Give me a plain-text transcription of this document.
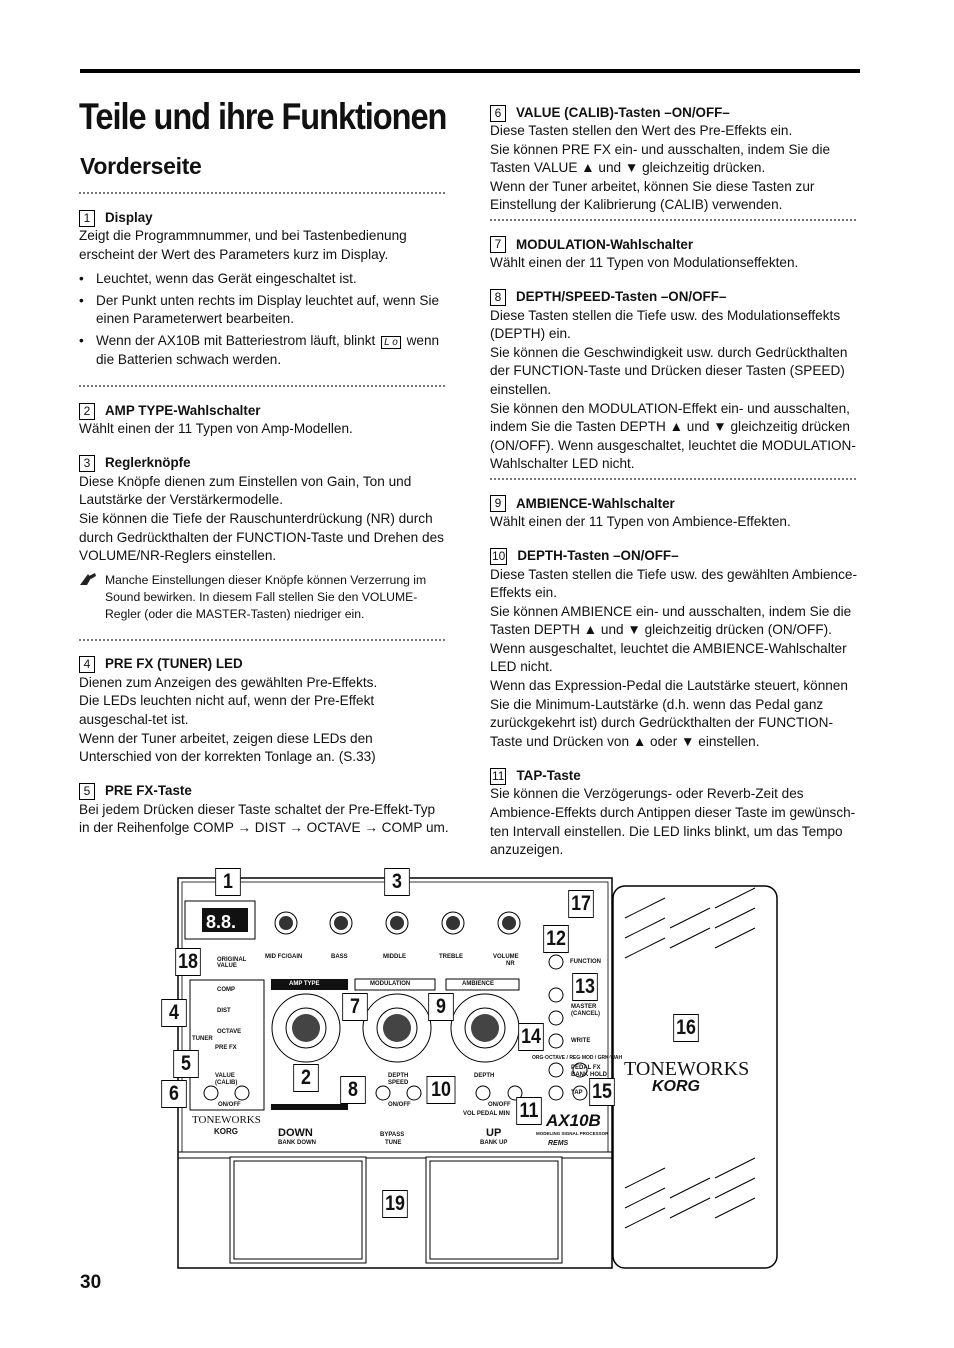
Teile und ihre Funktionen
Vorderseite
1	Display

Zeigt die Programmnummer, und bei Tastenbedienung erscheint der Wert des Parameters kurz im Display.

• Leuchtet, wenn das Gerät eingeschaltet ist.
• Der Punkt unten rechts im Display leuchtet auf, wenn Sie einen Parameterwert bearbeiten.
• Wenn der AX10B mit Batteriestrom läuft, blinkt L o wenn die Batterien schwach werden.
2	AMP TYPE-Wahlschalter

Wählt einen der 11 Typen von Amp-Modellen.

3	Reglerknöpfe

Diese Knöpfe dienen zum Einstellen von Gain, Ton und Lautstärke der Verstärkermodelle.

Sie können die Tiefe der Rauschunterdrückung (NR) durch durch Gedrückthalten der FUNCTION-Taste und Drehen des VOLUME/NR-Reglers einstellen.

Manche Einstellungen dieser Knöpfe können Verzerrung im Sound bewirken. In diesem Fall stellen Sie den VOLUME-Regler (oder die MASTER-Tasten) niedriger ein.
4	PRE FX (TUNER) LED

Dienen zum Anzeigen des gewählten Pre-Effekts.

Die LEDs leuchten nicht auf, wenn der Pre-Effekt ausgeschal-tet ist.

Wenn der Tuner arbeitet, zeigen diese LEDs den Unterschied von der korrekten Tonlage an. (S.33)

5	PRE FX-Taste

Bei jedem Drücken dieser Taste schaltet der Pre-Effekt-Typ in der Reihenfolge COMP → DIST → OCTAVE → COMP um.

6	VALUE (CALIB)-Tasten –ON/OFF–

Diese Tasten stellen den Wert des Pre-Effekts ein.

Sie können PRE FX ein- und ausschalten, indem Sie die Tasten VALUE ▲ und ▼ gleichzeitig drücken.

Wenn der Tuner arbeitet, können Sie diese Tasten zur Einstellung der Kalibrierung (CALIB) verwenden.

7	MODULATION-Wahlschalter

Wählt einen der 11 Typen von Modulationseffekten.

8	DEPTH/SPEED-Tasten –ON/OFF–

Diese Tasten stellen die Tiefe usw. des Modulationseffekts (DEPTH) ein.

Sie können die Geschwindigkeit usw. durch Gedrückthalten der FUNCTION-Taste und Drücken dieser Tasten (SPEED) einstellen.

Sie können den MODULATION-Effekt ein- und ausschalten, indem Sie die Tasten DEPTH ▲ und ▼ gleichzeitig drücken (ON/OFF). Wenn ausgeschaltet, leuchtet die MODULATION-Wahlschalter LED nicht.

9	AMBIENCE-Wahlschalter

Wählt einen der 11 Typen von Ambience-Effekten.

10 DEPTH-Tasten –ON/OFF–

Diese Tasten stellen die Tiefe usw. des gewählten Ambience-Effekts ein.

Sie können AMBIENCE ein- und ausschalten, indem Sie die Tasten DEPTH ▲ und ▼ gleichzeitig drücken (ON/OFF). Wenn ausgeschaltet, leuchtet die AMBIENCE-Wahlschalter LED nicht.

Wenn das Expression-Pedal die Lautstärke steuert, können Sie die Minimum-Lautstärke (d.h. wenn das Pedal ganz zurückgekehrt ist) durch Gedrückthalten der FUNCTION-Taste und Drücken von ▲ oder ▼ einstellen.

11 TAP-Taste

Sie können die Verzögerungs- oder Reverb-Zeit des Ambience-Effekts durch Antippen dieser Taste im gewünsch-ten Intervall einstellen. Die LED links blinkt, um das Tempo anzuzeigen.

8.8.
MID FC/GAIN	BASS	MIDDLE	TREBLE	VOLUME
NR
ORIGINAL VALUE
FUNCTION
AMP TYPE	MODULATION	AMBIENCE
COMP
DIST
OCTAVE
TUNER
PRE FX
VALUE
(CALIB)
ON/OFF
DEPTH
SPEED
ON/OFF
DEPTH
ON/OFF
VOL PEDAL MIN
MASTER
(CANCEL)
WRITE
ORG·OCTAVE / REG·MOD / GRK·WAH
PEDAL FX
BANK HOLD
TAP
DOWN
BANK DOWN
BYPASS
TUNE
UP
BANK UP
AX10B
MODELING SIGNAL PROCESSOR
REMS
TONEWORKS
KORG
TONEWORKS
KORG
1	3
17
12
18
13
4	7	9
16
14
5
2
6	8	10	15
11
19
30
